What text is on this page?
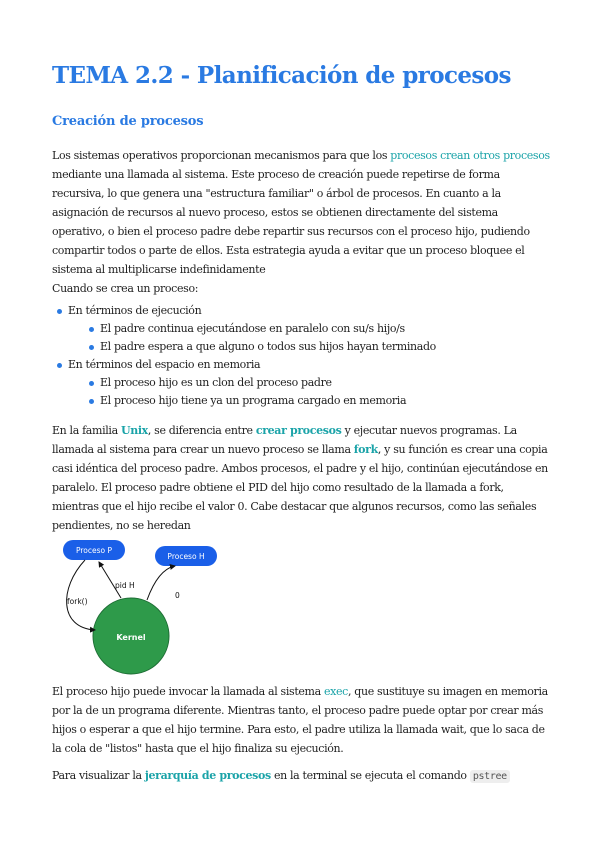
TEMA 2.2 - Planificación de procesos
Creación de procesos

Los sistemas operativos proporcionan mecanismos para que los procesos crean otros procesos mediante una llamada al sistema. Este proceso de creación puede repetirse de forma recursiva, lo que genera una "estructura familiar" o árbol de procesos. En cuanto a la asignación de recursos al nuevo proceso, estos se obtienen directamente del sistema operativo, o bien el proceso padre debe repartir sus recursos con el proceso hijo, pudiendo compartir todos o parte de ellos. Esta estrategia ayuda a evitar que un proceso bloquee el sistema al multiplicarse indefinidamente
Cuando se crea un proceso:

En términos de ejecución
El padre continua ejecutándose en paralelo con su/s hijo/s
El padre espera a que alguno o todos sus hijos hayan terminado
En términos del espacio en memoria
El proceso hijo es un clon del proceso padre
El proceso hijo tiene ya un programa cargado en memoria

En la familia Unix, se diferencia entre crear procesos y ejecutar nuevos programas. La llamada al sistema para crear un nuevo proceso se llama fork, y su función es crear una copia casi idéntica del proceso padre. Ambos procesos, el padre y el hijo, continúan ejecutándose en paralelo. El proceso padre obtiene el PID del hijo como resultado de la llamada a fork, mientras que el hijo recibe el valor 0. Cabe destacar que algunos recursos, como las señales pendientes, no se heredan

Kernel
Proceso P
Proceso H
fork()
pid H
0

El proceso hijo puede invocar la llamada al sistema exec, que sustituye su imagen en memoria por la de un programa diferente. Mientras tanto, el proceso padre puede optar por crear más hijos o esperar a que el hijo termine. Para esto, el padre utiliza la llamada wait, que lo saca de la cola de "listos" hasta que el hijo finaliza su ejecución.

Para visualizar la jerarquía de procesos en la terminal se ejecuta el comando pstree
